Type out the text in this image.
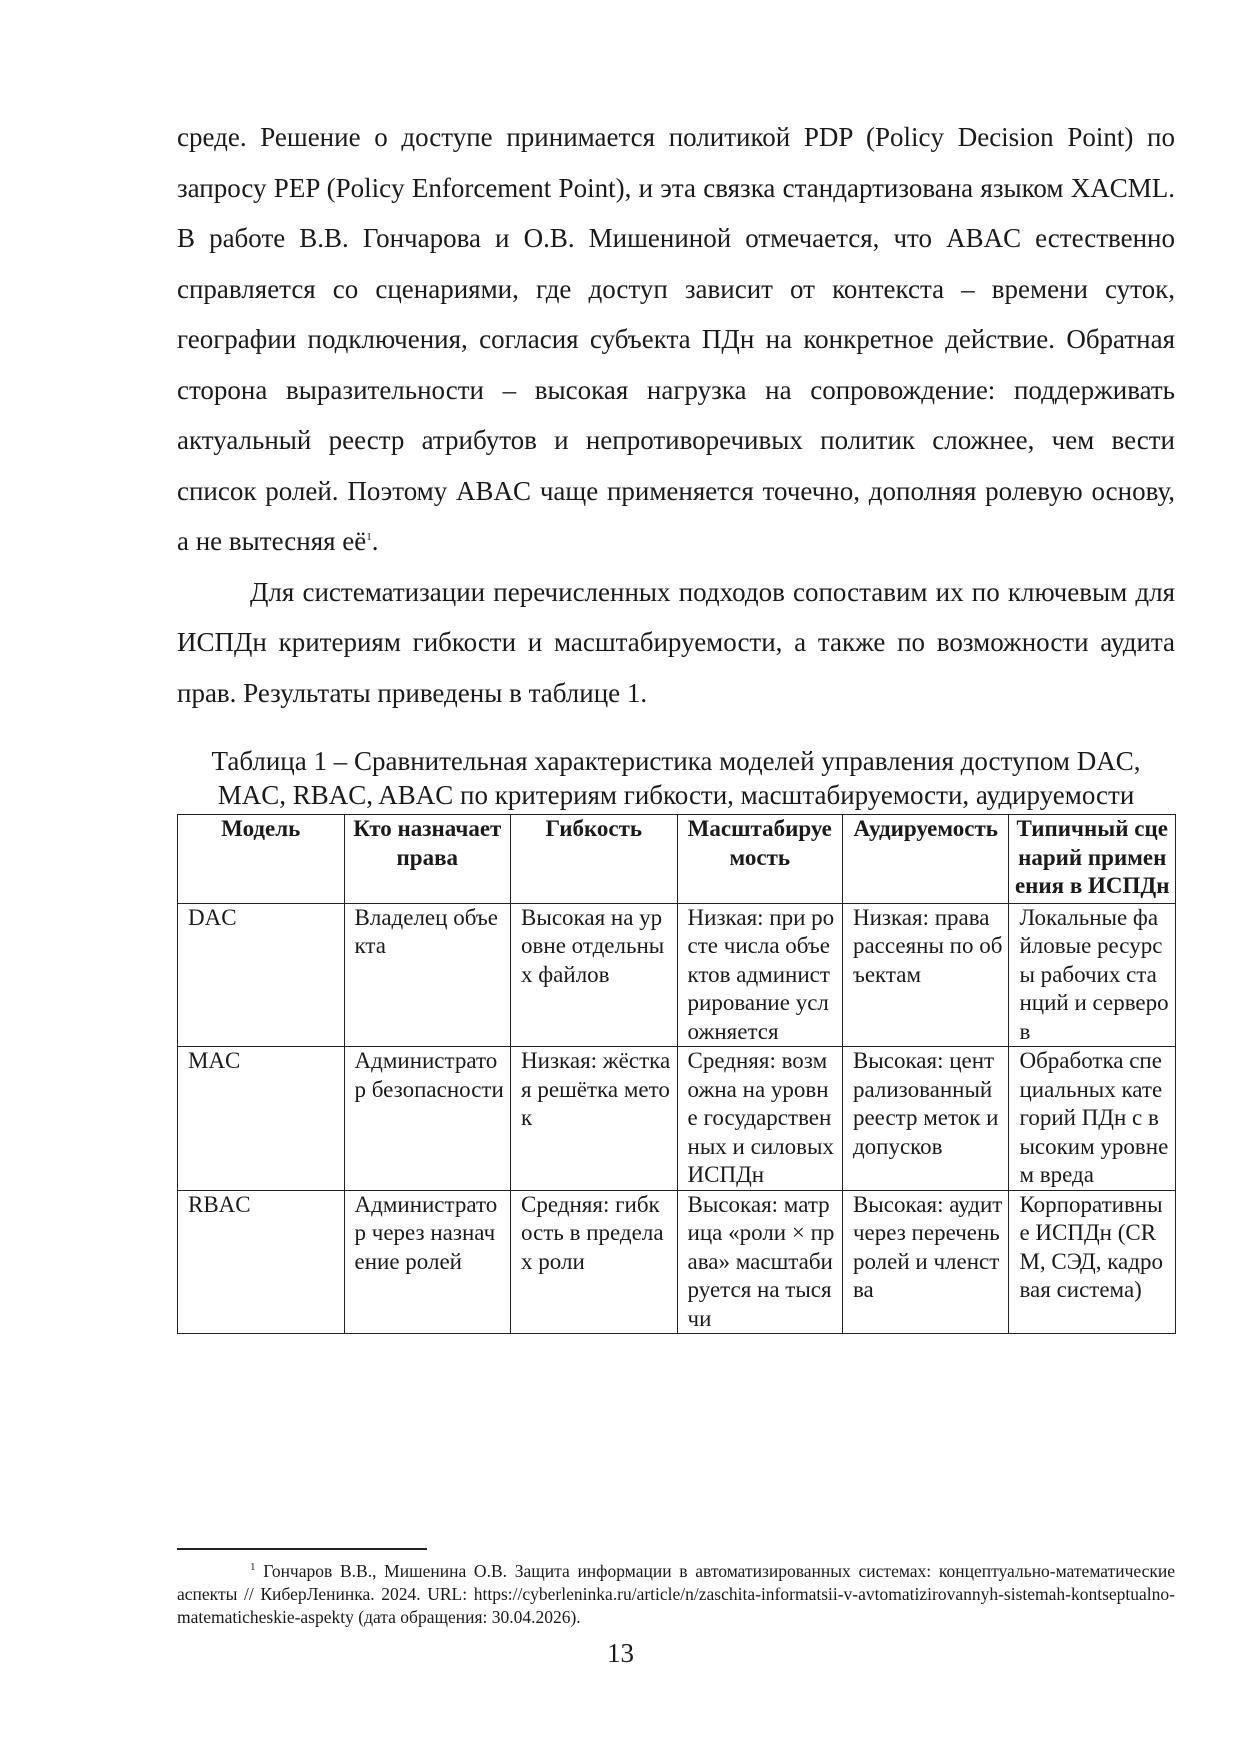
среде. Решение о доступе принимается политикой PDP (Policy Decision Point) по запросу PEP (Policy Enforcement Point), и эта связка стандартизована языком XACML. В работе В.В. Гончарова и О.В. Мишениной отмечается, что ABAC естественно справляется со сценариями, где доступ зависит от контекста – времени суток, географии подключения, согласия субъекта ПДн на конкретное действие. Обратная сторона выразительности – высокая нагрузка на сопровождение: поддерживать актуальный реестр атрибутов и непротиворечивых политик сложнее, чем вести список ролей. Поэтому ABAC чаще применяется точечно, дополняя ролевую основу, а не вытесняя её$^1$.

Для систематизации перечисленных подходов сопоставим их по ключевым для ИСПДн критериям гибкости и масштабируемости, а также по возможности аудита прав. Результаты приведены в таблице 1.

Таблица 1 – Сравнительная характеристика моделей управления доступом DAC, MAC, RBAC, ABAC по критериям гибкости, масштабируемости, аудируемости
Модель	Кто назначает права	Гибкость	Масштабируемость	Аудируемость	Типичный сценарий применения в ИСПДн
DAC	Владелец объекта	Высокая на уровне отдельных файлов	Низкая: при росте числа объектов администрирование усложняется	Низкая: права рассеяны по объектам	Локальные файловые ресурсы рабочих станций и серверов
MAC	Администратор безопасности	Низкая: жёсткая решётка меток	Средняя: возможна на уровне государственных и силовых ИСПДн	Высокая: централизованный реестр меток и допусков	Обработка специальных категорий ПДн с высоким уровнем вреда
RBAC	Администратор через назначение ролей	Средняя: гибкость в пределах роли	Высокая: матрица «роли × права» масштабируется на тысячи	Высокая: аудит через перечень ролей и членства	Корпоративные ИСПДн (CRM, СЭД, кадровая система)
$^1$ Гончаров В.В., Мишенина О.В. Защита информации в автоматизированных системах: концептуально-математические аспекты // КиберЛенинка. 2024. URL: https://cyberleninka.ru/article/n/zaschita-informatsii-v-avtomatizirovannyh-sistemah-kontseptualno-matematicheskie-aspekty (дата обращения: 30.04.2026).
13
